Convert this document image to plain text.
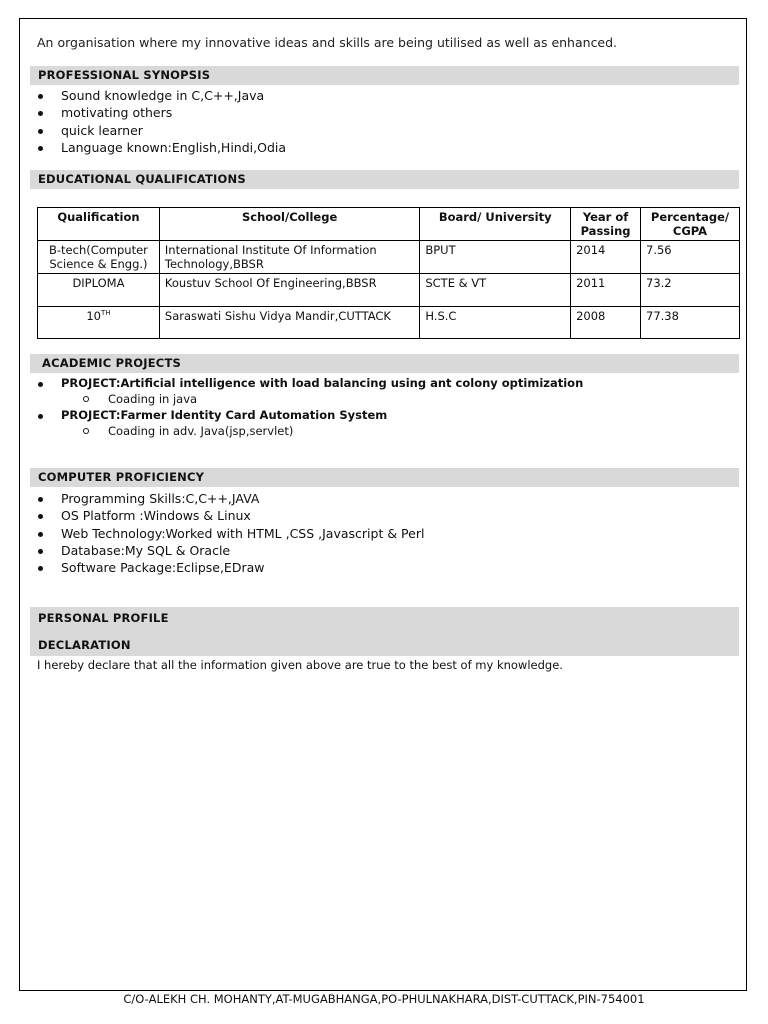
An organisation where my innovative ideas and skills are being utilised as well as enhanced.
PROFESSIONAL SYNOPSIS
Sound knowledge in C,C++,Java
motivating others
quick learner
Language known:English,Hindi,Odia
EDUCATIONAL QUALIFICATIONS
Qualification	School/College	Board/ University	Year of Passing	Percentage/ CGPA
B-tech(Computer Science & Engg.)	International Institute Of Information Technology,BBSR	BPUT	2014	7.56
DIPLOMA	Koustuv School Of Engineering,BBSR	SCTE & VT	2011	73.2
10TH	Saraswati Sishu Vidya Mandir,CUTTACK	H.S.C	2008	77.38
ACADEMIC PROJECTS
PROJECT:Artificial intelligence with load balancing using ant colony optimization
Coading in java
PROJECT:Farmer Identity Card Automation System
Coading in adv. Java(jsp,servlet)
COMPUTER PROFICIENCY
Programming Skills:C,C++,JAVA
OS Platform :Windows & Linux
Web Technology:Worked with HTML ,CSS ,Javascript & Perl
Database:My SQL & Oracle
Software Package:Eclipse,EDraw
PERSONAL PROFILE
DECLARATION
I hereby declare that all the information given above are true to the best of my knowledge.
C/O-ALEKH CH. MOHANTY,AT-MUGABHANGA,PO-PHULNAKHARA,DIST-CUTTACK,PIN-754001
